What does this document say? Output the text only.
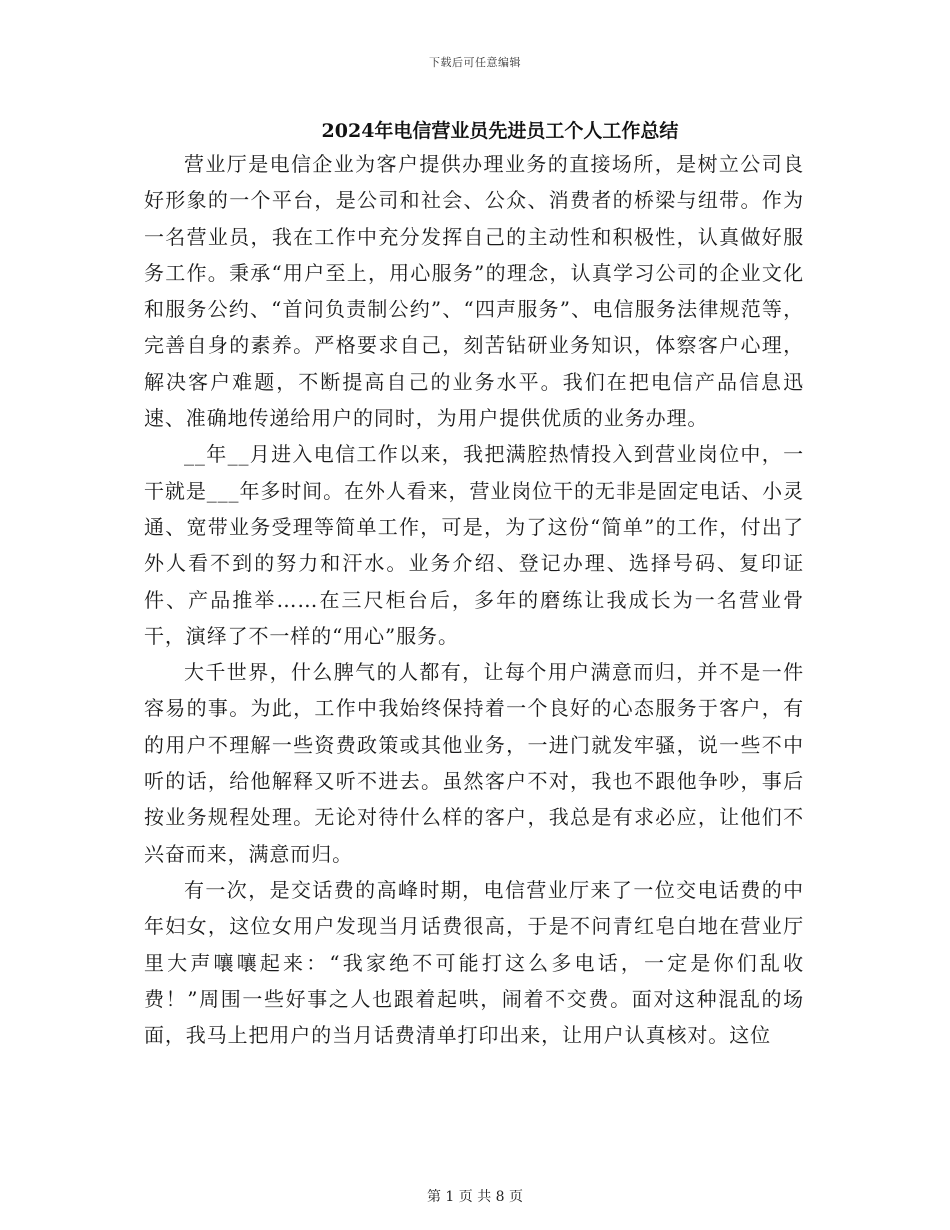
下载后可任意编辑
2024年电信营业员先进员工个人工作总结

营业厅是电信企业为客户提供办理业务的直接场所，是树立公司良好形象的一个平台，是公司和社会、公众、消费者的桥梁与纽带。作为一名营业员，我在工作中充分发挥自己的主动性和积极性，认真做好服务工作。秉承“用户至上，用心服务”的理念，认真学习公司的企业文化和服务公约、“首问负责制公约”、“四声服务”、电信服务法律规范等，完善自身的素养。严格要求自己，刻苦钻研业务知识，体察客户心理，解决客户难题，不断提高自己的业务水平。我们在把电信产品信息迅速、准确地传递给用户的同时，为用户提供优质的业务办理。

__年__月进入电信工作以来，我把满腔热情投入到营业岗位中，一干就是___年多时间。在外人看来，营业岗位干的无非是固定电话、小灵通、宽带业务受理等简单工作，可是，为了这份“简单”的工作，付出了外人看不到的努力和汗水。业务介绍、登记办理、选择号码、复印证件、产品推举……在三尺柜台后，多年的磨练让我成长为一名营业骨干，演绎了不一样的“用心”服务。

大千世界，什么脾气的人都有，让每个用户满意而归，并不是一件容易的事。为此，工作中我始终保持着一个良好的心态服务于客户，有的用户不理解一些资费政策或其他业务，一进门就发牢骚，说一些不中听的话，给他解释又听不进去。虽然客户不对，我也不跟他争吵，事后按业务规程处理。无论对待什么样的客户，我总是有求必应，让他们不兴奋而来，满意而归。

有一次，是交话费的高峰时期，电信营业厅来了一位交电话费的中年妇女，这位女用户发现当月话费很高，于是不问青红皂白地在营业厅里大声嚷嚷起来：“我家绝不可能打这么多电话，一定是你们乱收费！”周围一些好事之人也跟着起哄，闹着不交费。面对这种混乱的场面，我马上把用户的当月话费清单打印出来，让用户认真核对。这位

第 1 页 共 8 页
